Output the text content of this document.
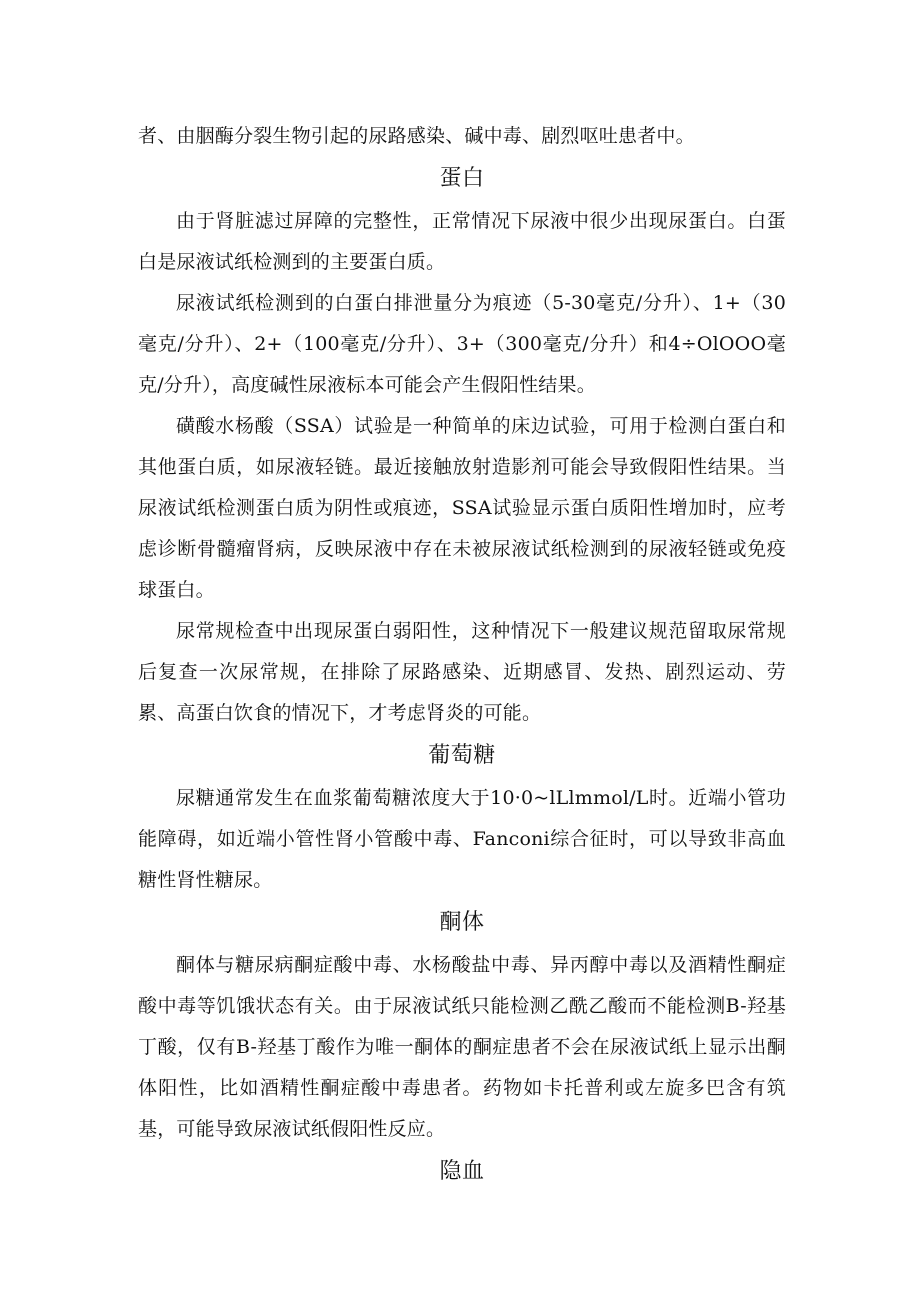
者、由胭酶分裂生物引起的尿路感染、碱中毒、剧烈呕吐患者中。

蛋白

由于肾脏滤过屏障的完整性，正常情况下尿液中很少出现尿蛋白。白蛋白是尿液试纸检测到的主要蛋白质。

尿液试纸检测到的白蛋白排泄量分为痕迹（5-30毫克/分升）、1+（30毫克/分升）、2+（100毫克/分升）、3+（300毫克/分升）和4÷OlOOO毫克/分升），高度碱性尿液标本可能会产生假阳性结果。

磺酸水杨酸（SSA）试验是一种简单的床边试验，可用于检测白蛋白和其他蛋白质，如尿液轻链。最近接触放射造影剂可能会导致假阳性结果。当尿液试纸检测蛋白质为阴性或痕迹，SSA试验显示蛋白质阳性增加时，应考虑诊断骨髓瘤肾病，反映尿液中存在未被尿液试纸检测到的尿液轻链或免疫球蛋白。

尿常规检查中出现尿蛋白弱阳性，这种情况下一般建议规范留取尿常规后复查一次尿常规，在排除了尿路感染、近期感冒、发热、剧烈运动、劳累、高蛋白饮食的情况下，才考虑肾炎的可能。

葡萄糖

尿糖通常发生在血浆葡萄糖浓度大于10·0~lLlmmol/L时。近端小管功能障碍，如近端小管性肾小管酸中毒、Fanconi综合征时，可以导致非高血糖性肾性糖尿。

酮体

酮体与糖尿病酮症酸中毒、水杨酸盐中毒、异丙醇中毒以及酒精性酮症酸中毒等饥饿状态有关。由于尿液试纸只能检测乙酰乙酸而不能检测B-羟基丁酸，仅有B-羟基丁酸作为唯一酮体的酮症患者不会在尿液试纸上显示出酮体阳性，比如酒精性酮症酸中毒患者。药物如卡托普利或左旋多巴含有筑基，可能导致尿液试纸假阳性反应。

隐血
